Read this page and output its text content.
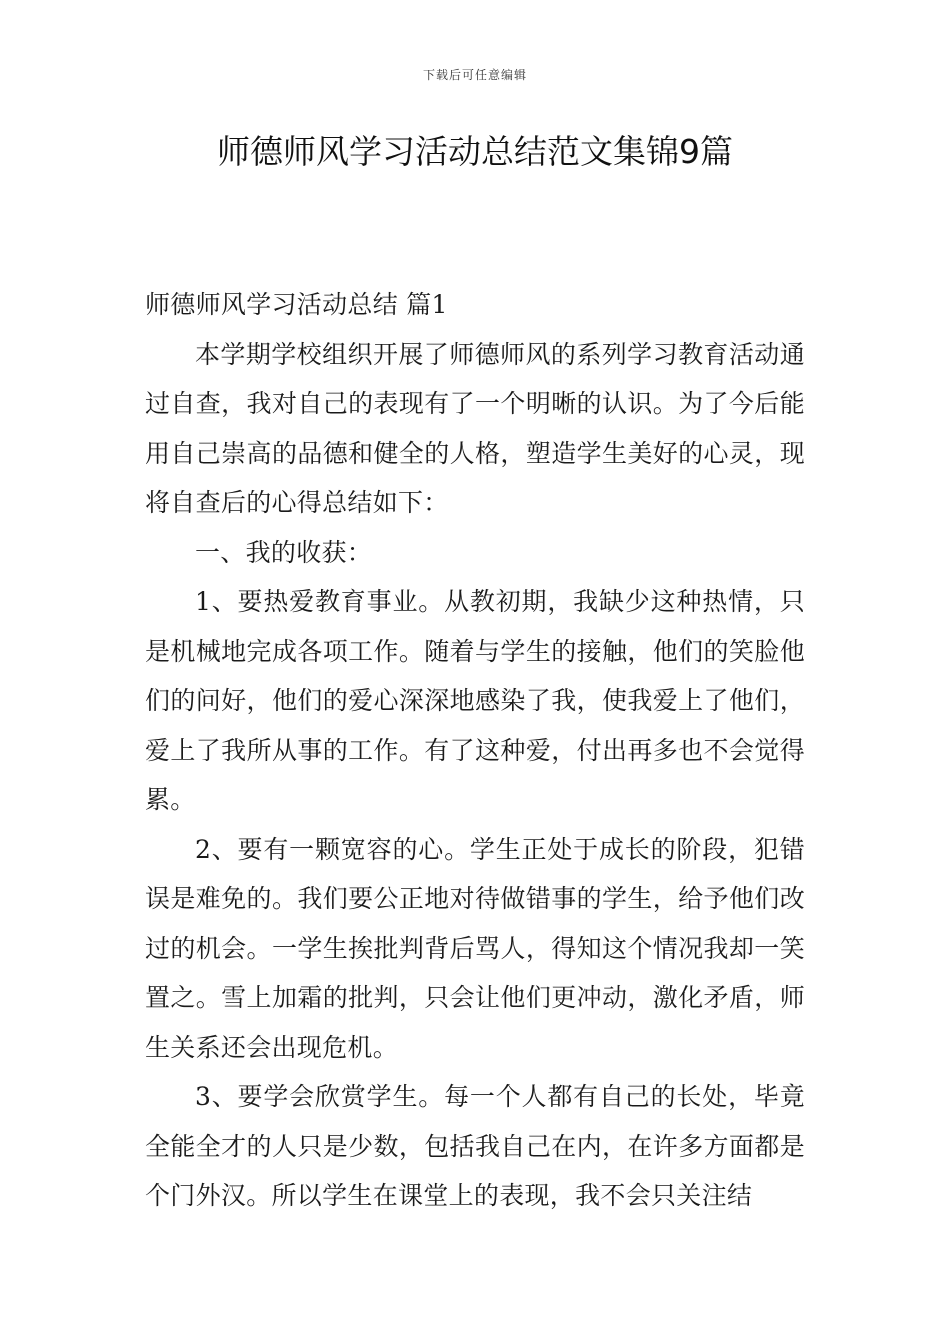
下载后可任意编辑
师德师风学习活动总结范文集锦9篇
师德师风学习活动总结 篇1

本学期学校组织开展了师德师风的系列学习教育活动通过自查，我对自己的表现有了一个明晰的认识。为了今后能用自己崇高的品德和健全的人格，塑造学生美好的心灵，现将自查后的心得总结如下：

一、我的收获：

1、要热爱教育事业。从教初期，我缺少这种热情，只是机械地完成各项工作。随着与学生的接触，他们的笑脸他们的问好，他们的爱心深深地感染了我，使我爱上了他们，爱上了我所从事的工作。有了这种爱，付出再多也不会觉得累。

2、要有一颗宽容的心。学生正处于成长的阶段，犯错误是难免的。我们要公正地对待做错事的学生，给予他们改过的机会。一学生挨批判背后骂人，得知这个情况我却一笑置之。雪上加霜的批判，只会让他们更冲动，激化矛盾，师生关系还会出现危机。

3、要学会欣赏学生。每一个人都有自己的长处，毕竟全能全才的人只是少数，包括我自己在内，在许多方面都是个门外汉。所以学生在课堂上的表现，我不会只关注结
